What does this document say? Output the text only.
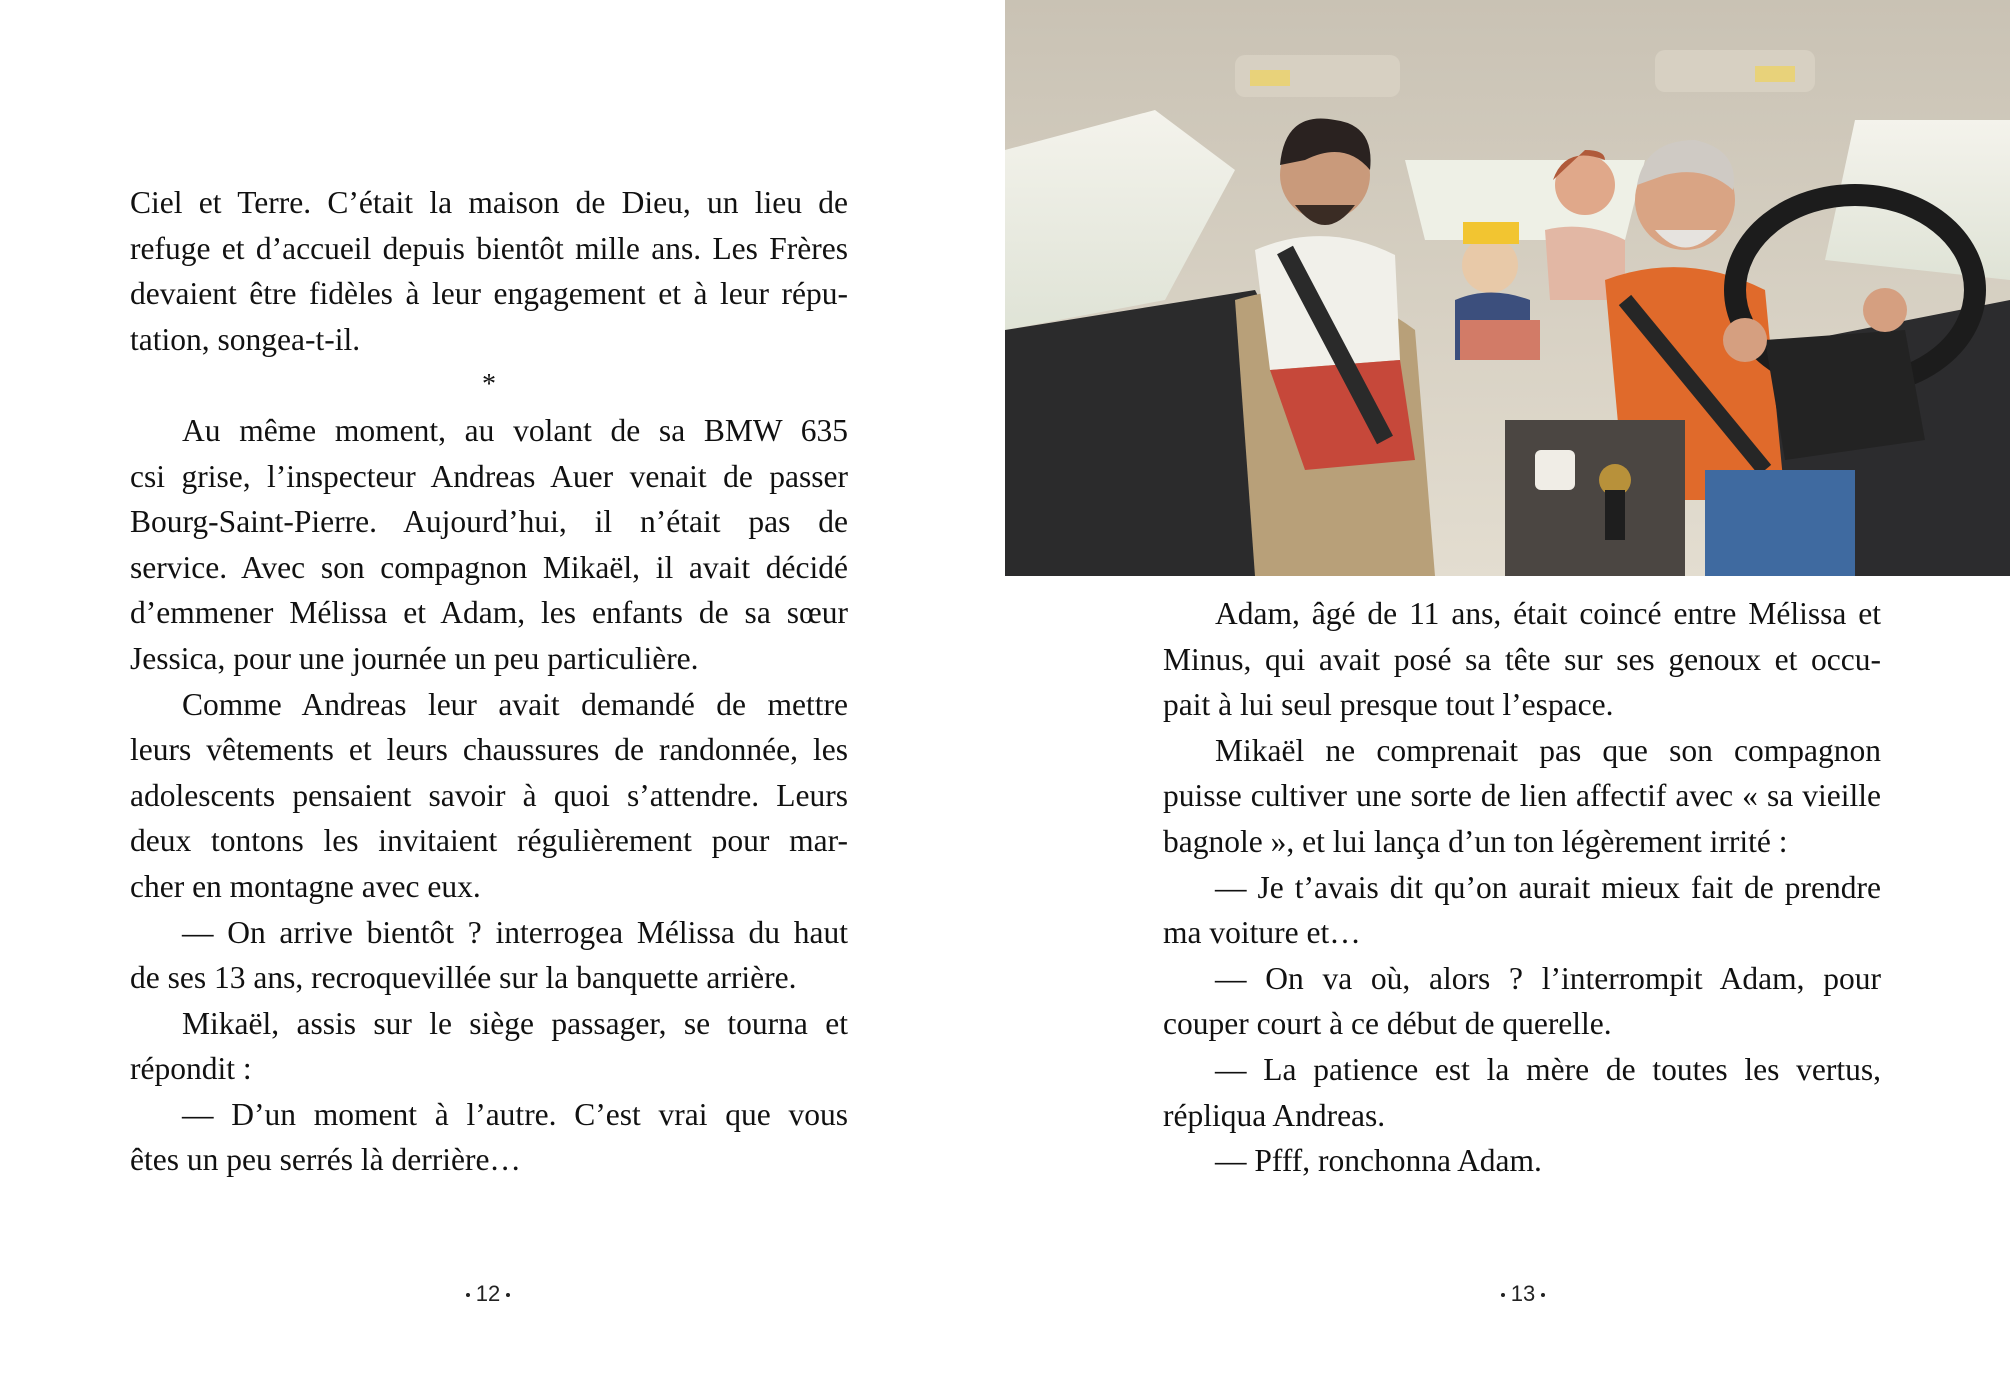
Ciel et Terre. C’était la maison de Dieu, un lieu de
refuge et d’accueil depuis bientôt mille ans. Les Frères
devaient être fidèles à leur engagement et à leur répu-

tation, songea-t-il.

*

Au même moment, au volant de sa BMW 635
csi grise, l’inspecteur Andreas Auer venait de passer
Bourg-Saint-Pierre. Aujourd’hui, il n’était pas de
service. Avec son compagnon Mikaël, il avait décidé
d’emmener Mélissa et Adam, les enfants de sa sœur

Jessica, pour une journée un peu particulière.

Comme Andreas leur avait demandé de mettre
leurs vêtements et leurs chaussures de randonnée, les
adolescents pensaient savoir à quoi s’attendre. Leurs
deux tontons les invitaient régulièrement pour mar-

cher en montagne avec eux.

— On arrive bientôt ? interrogea Mélissa du haut

de ses 13 ans, recroquevillée sur la banquette arrière.

Mikaël, assis sur le siège passager, se tourna et

répondit :

— D’un moment à l’autre. C’est vrai que vous

êtes un peu serrés là derrière…

12

Adam, âgé de 11 ans, était coincé entre Mélissa et
Minus, qui avait posé sa tête sur ses genoux et occu-

pait à lui seul presque tout l’espace.

Mikaël ne comprenait pas que son compagnon
puisse cultiver une sorte de lien affectif avec « sa vieille

bagnole », et lui lança d’un ton légèrement irrité :

— Je t’avais dit qu’on aurait mieux fait de prendre

ma voiture et…

— On va où, alors ? l’interrompit Adam, pour

couper court à ce début de querelle.

— La patience est la mère de toutes les vertus,

répliqua Andreas.

— Pfff, ronchonna Adam.

13
